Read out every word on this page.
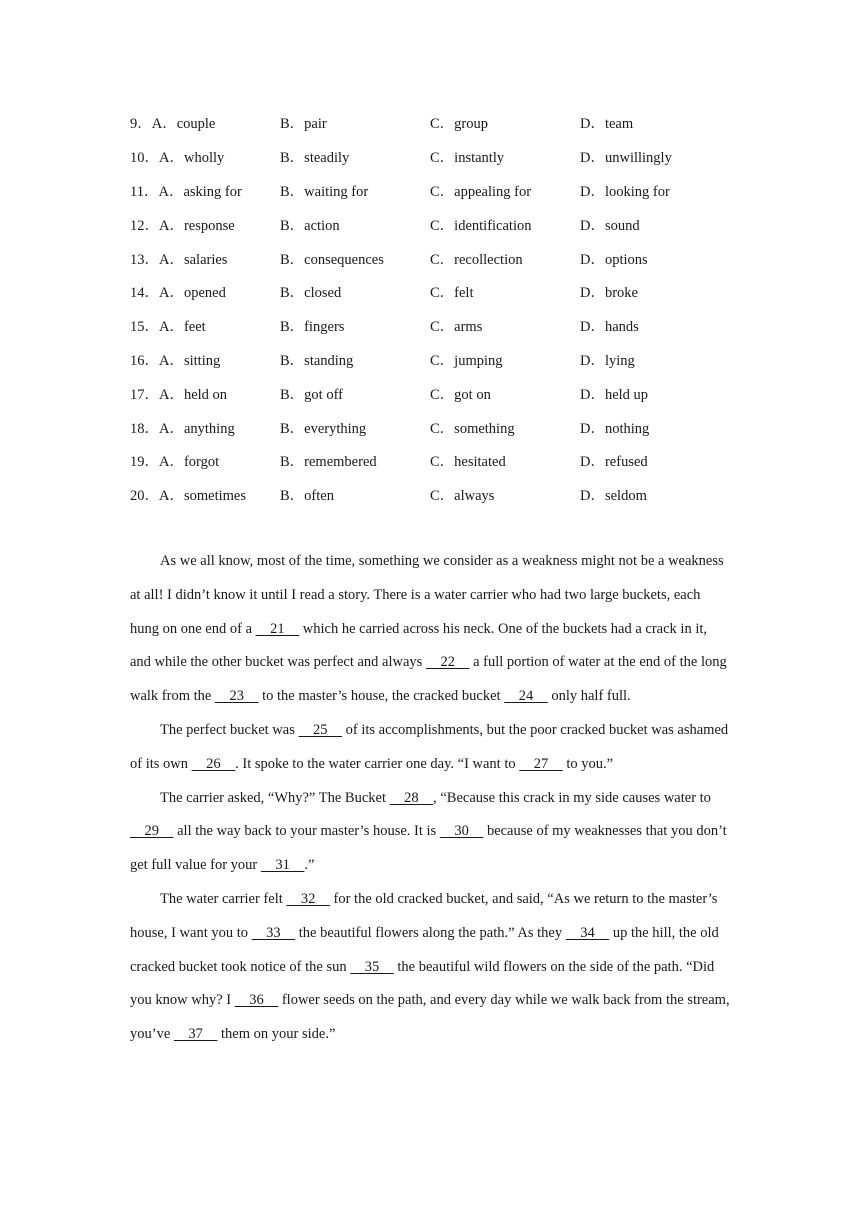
9．A．couple	B．pair	C．group	D．team
10．A．wholly	B．steadily	C．instantly	D．unwillingly
11．A．asking for	B．waiting for	C．appealing for	D．looking for
12．A．response	B．action	C．identification	D．sound
13．A．salaries	B．consequences	C．recollection	D．options
14．A．opened	B．closed	C．felt	D．broke
15．A．feet	B．fingers	C．arms	D．hands
16．A．sitting	B．standing	C．jumping	D．lying
17．A．held on	B．got off	C．got on	D．held up
18．A．anything	B．everything	C．something	D．nothing
19．A．forgot	B．remembered	C．hesitated	D．refused
20．A．sometimes	B．often	C．always	D．seldom

As we all know, most of the time, something we consider as a weakness might not be a weakness at all! I didn’t know it until I read a story. There is a water carrier who had two large buckets, each hung on one end of a     21     which he carried across his neck. One of the buckets had a crack in it, and while the other bucket was perfect and always     22     a full portion of water at the end of the long walk from the     23     to the master’s house, the cracked bucket     24     only half full.

The perfect bucket was     25     of its accomplishments, but the poor cracked bucket was ashamed of its own     26    . It spoke to the water carrier one day. “I want to     27     to you.”

The carrier asked, “Why?” The Bucket     28    , “Because this crack in my side causes water to     29     all the way back to your master’s house. It is     30     because of my weaknesses that you don’t get full value for your     31    .”

The water carrier felt     32     for the old cracked bucket, and said, “As we return to the master’s house, I want you to     33     the beautiful flowers along the path.” As they     34     up the hill, the old cracked bucket took notice of the sun     35     the beautiful wild flowers on the side of the path. “Did you know why? I     36     flower seeds on the path, and every day while we walk back from the stream, you’ve     37     them on your side.”
